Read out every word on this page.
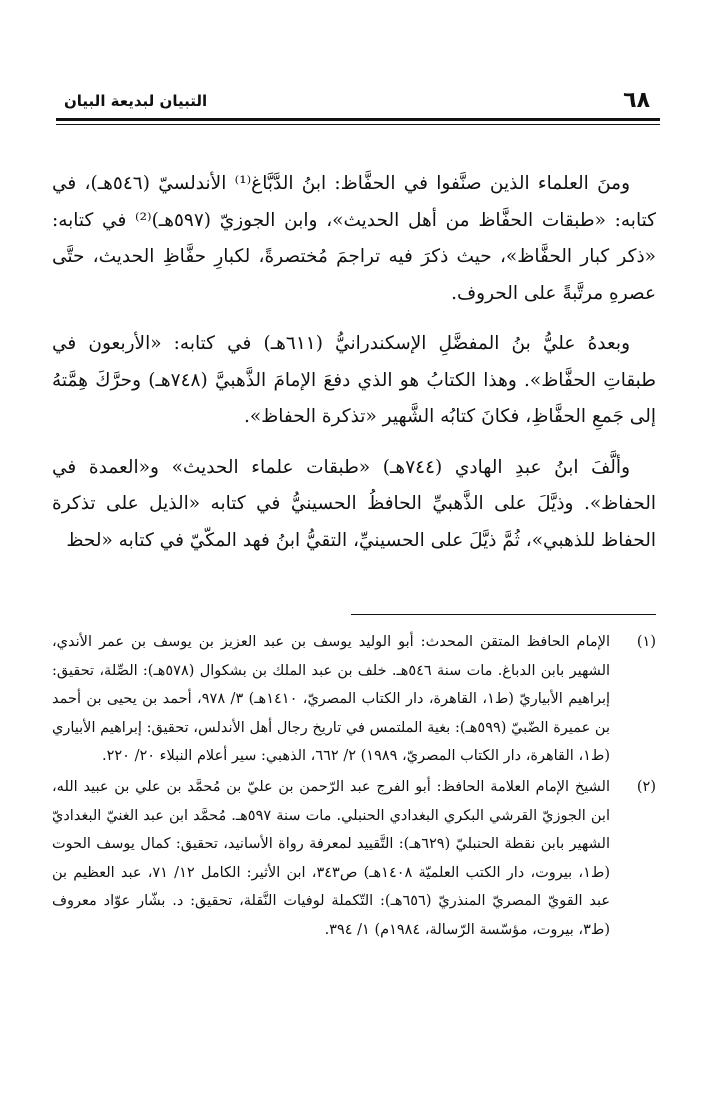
٦٨
التبيان لبديعة البيان

ومنَ العلماء الذين صنَّفوا في الحفَّاظ: ابنُ الدَّبَّاغ⁽¹⁾ الأندلسيّ (٥٤٦هـ)، في كتابه: «طبقات الحفَّاظ من أهل الحديث»، وابن الجوزيّ (٥٩٧هـ)⁽²⁾ في كتابه: «ذكر كبار الحفَّاظ»، حيث ذكرَ فيه تراجمَ مُختصرةً، لكبارِ حفَّاظِ الحديث، حتَّى عصرهِ مرتَّبةً على الحروف.

وبعدهُ عليُّ بنُ المفضَّلِ الإسكندرانيُّ (٦١١هـ) في كتابه: «الأربعون في طبقاتِ الحفَّاظ». وهذا الكتابُ هو الذي دفعَ الإمامَ الذَّهبيَّ (٧٤٨هـ) وحرَّكَ هِمَّتهُ إلى جَمعِ الحفَّاظِ، فكانَ كتابُه الشَّهير «تذكرة الحفاظ».

وألَّفَ ابنُ عبدِ الهادي (٧٤٤هـ) «طبقات علماء الحديث» و«العمدة في الحفاظ». وذيَّلَ على الذَّهبيِّ الحافظُ الحسينيُّ في كتابه «الذيل على تذكرة الحفاظ للذهبي»، ثُمَّ ذيَّلَ على الحسينيِّ، التقيُّ ابنُ فهد المكّيّ في كتابه «لحظ

(١)
الإمام الحافظ المتقن المحدث: أبو الوليد يوسف بن عبد العزيز بن يوسف بن عمر الأندي، الشهير بابن الدباغ. مات سنة ٥٤٦هـ. خلف بن عبد الملك بن بشكوال (٥٧٨هـ): الصِّلة، تحقيق: إبراهيم الأبياريّ (ط١، القاهرة، دار الكتاب المصريّ، ١٤١٠هـ) ٣/ ٩٧٨، أحمد بن يحيى بن أحمد بن عميرة الضّبيّ (٥٩٩هـ): بغية الملتمس في تاريخ رجال أهل الأندلس، تحقيق: إبراهيم الأبياري (ط١، القاهرة، دار الكتاب المصريّ، ١٩٨٩) ٢/ ٦٦٢، الذهبي: سير أعلام النبلاء ٢٠/ ٢٢٠.
(٢)
الشيخ الإمام العلامة الحافظ: أبو الفرج عبد الرّحمن بن عليّ بن مُحمَّد بن علي بن عبيد الله، ابن الجوزيّ القرشي البكري البغدادي الحنبلي. مات سنة ٥٩٧هـ. مُحمَّد ابن عبد الغنيّ البغداديّ الشهير بابن نقطة الحنبليّ (٦٢٩هـ): التَّقييد لمعرفة رواة الأسانيد، تحقيق: كمال يوسف الحوت (ط١، بيروت، دار الكتب العلميّة ١٤٠٨هـ) ص٣٤٣، ابن الأثير: الكامل ١٢/ ٧١، عبد العظيم بن عبد القويّ المصريّ المنذريّ (٦٥٦هـ): التّكملة لوفيات النَّقلة، تحقيق: د. بشّار عوّاد معروف (ط٣، بيروت، مؤسّسة الرّسالة، ١٩٨٤م) ١/ ٣٩٤.
